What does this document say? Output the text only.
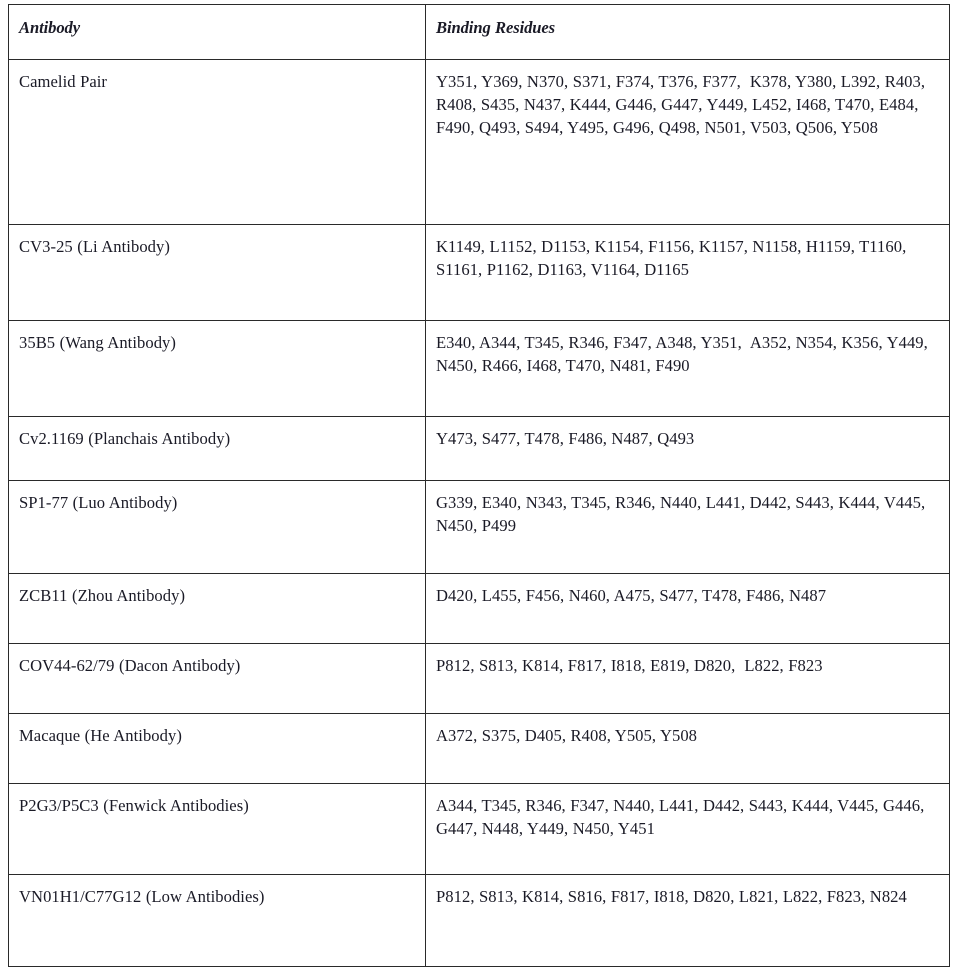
Antibody	Binding Residues

Camelid Pair	Y351, Y369, N370, S371, F374, T376, F377,  K378, Y380, L392, R403, R408, S435, N437, K444, G446, G447, Y449, L452, I468, T470, E484, F490, Q493, S494, Y495, G496, Q498, N501, V503, Q506, Y508

CV3-25 (Li Antibody)	K1149, L1152, D1153, K1154, F1156, K1157, N1158, H1159, T1160, S1161, P1162, D1163, V1164, D1165

35B5 (Wang Antibody)	E340, A344, T345, R346, F347, A348, Y351,  A352, N354, K356, Y449, N450, R466, I468, T470, N481, F490

Cv2.1169 (Planchais Antibody)	Y473, S477, T478, F486, N487, Q493

SP1-77 (Luo Antibody)	G339, E340, N343, T345, R346, N440, L441, D442, S443, K444, V445, N450, P499

ZCB11 (Zhou Antibody)	D420, L455, F456, N460, A475, S477, T478, F486, N487

COV44-62/79 (Dacon Antibody)	P812, S813, K814, F817, I818, E819, D820,  L822, F823

Macaque (He Antibody)	A372, S375, D405, R408, Y505, Y508

P2G3/P5C3 (Fenwick Antibodies)	A344, T345, R346, F347, N440, L441, D442, S443, K444, V445, G446, G447, N448, Y449, N450, Y451

VN01H1/C77G12 (Low Antibodies)	P812, S813, K814, S816, F817, I818, D820, L821, L822, F823, N824
